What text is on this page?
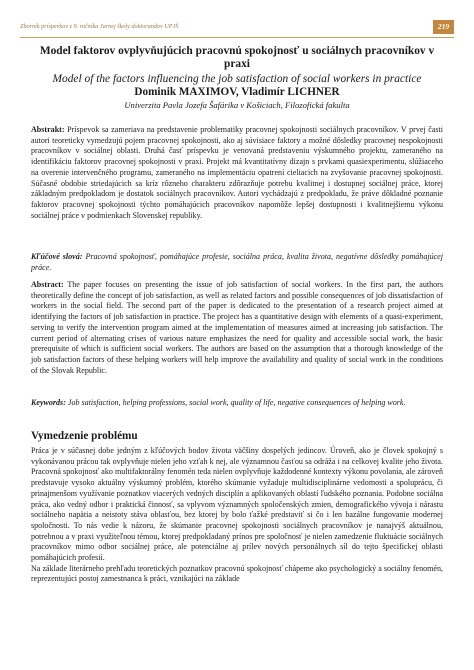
Zborník príspevkov z 9. ročníka Jarnej školy doktorandov UPJŠ	219
Model faktorov ovplyvňujúcich pracovnú spokojnosť u sociálnych pracovníkov v praxi
Model of the factors influencing the job satisfaction of social workers in practice
Dominik MAXIMOV, Vladimír LICHNER
Univerzita Pavla Jozefa Šafárika v Košiciach, Filozofická fakulta
Abstrakt: Príspevok sa zameriava na predstavenie problematiky pracovnej spokojnosti sociálnych pracovníkov. V prvej časti autori teoreticky vymedzujú pojem pracovnej spokojnosti, ako aj súvisiace faktory a možné dôsledky pracovnej nespokojnosti pracovníkov v sociálnej oblasti. Druhá časť príspevku je venovaná predstaveniu výskumného projektu, zameraného na identifikáciu faktorov pracovnej spokojnosti v praxi. Projekt má kvantitatívny dizajn s prvkami quasiexperimentu, slúžiaceho na overenie intervenčného programu, zameraného na implementáciu opatrení cieliacich na zvyšovanie pracovnej spokojnosti. Súčasné obdobie striedajúcich sa kríz rôzneho charakteru zdôrazňuje potrebu kvalitnej i dostupnej sociálnej práce, ktorej základným predpokladom je dostatok sociálnych pracovníkov. Autori vychádzajú z predpokladu, že práve dôkladné poznanie faktorov pracovnej spokojnosti týchto pomáhajúcich pracovníkov napomôže lepšej dostupnosti i kvalitnejšiemu výkonu sociálnej práce v podmienkach Slovenskej republiky.
Kľúčové slová: Pracovná spokojnosť, pomáhajúce profesie, sociálna práca, kvalita života, negatívne dôsledky pomáhajúcej práce.
Abstract: The paper focuses on presenting the issue of job satisfaction of social workers. In the first part, the authors theoretically define the concept of job satisfaction, as well as related factors and possible consequences of job dissatisfaction of workers in the social field. The second part of the paper is dedicated to the presentation of a research project aimed at identifying the factors of job satisfaction in practice. The project has a quantitative design with elements of a quasi-experiment, serving to verify the intervention program aimed at the implementation of measures aimed at increasing job satisfaction. The current period of alternating crises of various nature emphasizes the need for quality and accessible social work, the basic prerequisite of which is sufficient social workers. The authors are based on the assumption that a thorough knowledge of the job satisfaction factors of these helping workers will help improve the availability and quality of social work in the conditions of the Slovak Republic.
Keywords: Job satisfaction, helping professions, social work, quality of life, negative consequences of helping work.
Vymedzenie problému

Práca je v súčasnej dobe jedným z kľúčových bodov života väčšiny dospelých jedincov. Úroveň, ako je človek spokojný s vykonávanou prácou tak ovplyvňuje nielen jeho vzťah k nej, ale významnou časťou sa odráža i na celkovej kvalite jeho života. Pracovná spokojnosť ako multifaktorálny fenomén teda nielen ovplyvňuje každodenné kontexty výkonu povolania, ale zároveň predstavuje vysoko aktuálny výskumný problém, ktorého skúmanie vyžaduje multidisciplinárne vedomosti a spoluprácu, či prinajmenšom využívanie poznatkov viacerých vedných disciplín a aplikovaných oblastí ľudského poznania. Podobne sociálna práca, ako vedný odbor i praktická činnosť, sa vplyvom významných spoločenských zmien, demografického vývoja i nárastu sociálneho napätia a neistoty stáva oblasťou, bez ktorej by bolo ťažké predstaviť si čo i len bazálne fungovanie modernej spoločnosti. To nás vedie k názoru, že skúmanie pracovnej spokojnosti sociálnych pracovníkov je nanajvýš aktuálnou, potrebnou a v praxi využiteľnou témou, ktorej predpokladaný prínos pre spoločnosť je nielen zamedzenie fluktuácie sociálnych pracovníkov mimo odbor sociálnej práce, ale potenciálne aj prílev nových personálnych síl do tejto špecifickej oblasti pomáhajúcich profesií.

Na základe literárneho prehľadu teoretických poznatkov pracovnú spokojnosť chápeme ako psychologický a sociálny fenomén, reprezentujúci postoj zamestnanca k práci, vznikajúci na základe
